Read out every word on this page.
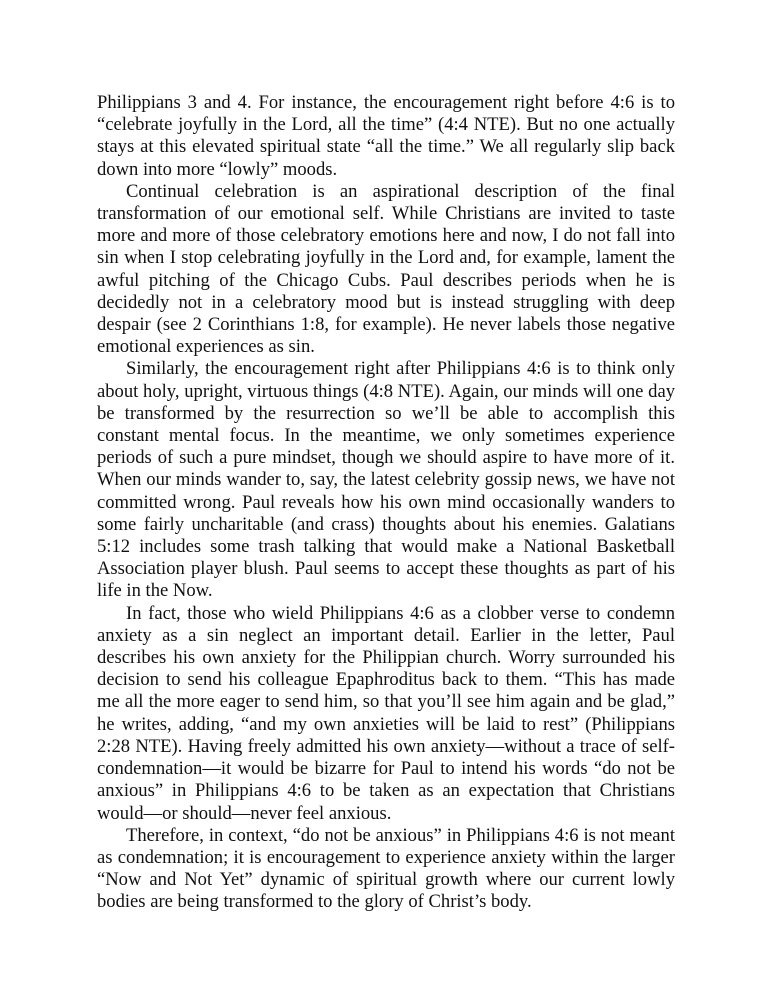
Philippians 3 and 4. For instance, the encouragement right before 4:6 is to “celebrate joyfully in the Lord, all the time” (4:4 NTE). But no one actually stays at this elevated spiritual state “all the time.” We all regularly slip back down into more “lowly” moods.

Continual celebration is an aspirational description of the final transformation of our emotional self. While Christians are invited to taste more and more of those celebratory emotions here and now, I do not fall into sin when I stop celebrating joyfully in the Lord and, for example, lament the awful pitching of the Chicago Cubs. Paul describes periods when he is decidedly not in a celebratory mood but is instead struggling with deep despair (see 2 Corinthians 1:8, for example). He never labels those negative emotional experiences as sin.

Similarly, the encouragement right after Philippians 4:6 is to think only about holy, upright, virtuous things (4:8 NTE). Again, our minds will one day be transformed by the resurrection so we’ll be able to accomplish this constant mental focus. In the meantime, we only sometimes experience periods of such a pure mindset, though we should aspire to have more of it. When our minds wander to, say, the latest celebrity gossip news, we have not committed wrong. Paul reveals how his own mind occasionally wanders to some fairly uncharitable (and crass) thoughts about his enemies. Galatians 5:12 includes some trash talking that would make a National Basketball Association player blush. Paul seems to accept these thoughts as part of his life in the Now.

In fact, those who wield Philippians 4:6 as a clobber verse to condemn anxiety as a sin neglect an important detail. Earlier in the letter, Paul describes his own anxiety for the Philippian church. Worry surrounded his decision to send his colleague Epaphroditus back to them. “This has made me all the more eager to send him, so that you’ll see him again and be glad,” he writes, adding, “and my own anxieties will be laid to rest” (Philippians 2:28 NTE). Having freely admitted his own anxiety—without a trace of self-condemnation—it would be bizarre for Paul to intend his words “do not be anxious” in Philippians 4:6 to be taken as an expectation that Christians would—or should—never feel anxious.

Therefore, in context, “do not be anxious” in Philippians 4:6 is not meant as condemnation; it is encouragement to experience anxiety within the larger “Now and Not Yet” dynamic of spiritual growth where our current lowly bodies are being transformed to the glory of Christ’s body.
